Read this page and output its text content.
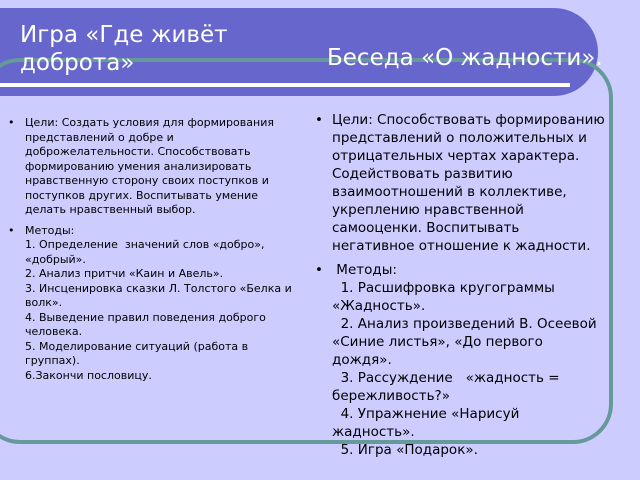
Игра «Где живёт доброта»	Беседа «О жадности».
• Цели: Создать условия для формирования представлений о добре и доброжелательности. Способствовать формированию умения анализировать нравственную сторону своих поступков и поступков других. Воспитывать умение делать нравственный выбор.
• Методы:
1. Определение  значений слов «добро», «добрый».
2. Анализ притчи «Каин и Авель».
3. Инсценировка сказки Л. Толстого «Белка и волк».
4. Выведение правил поведения доброго человека.
5. Моделирование ситуаций (работа в группах).
6.Закончи пословицу.
• Цели: Способствовать формированию представлений о положительных и отрицательных чертах характера. Содействовать развитию взаимоотношений в коллективе, укреплению нравственной самооценки. Воспитывать негативное отношение к жадности.
• Методы:
1. Расшифровка кругограммы «Жадность».
2. Анализ произведений В. Осеевой «Синие листья», «До первого дождя».
3. Рассуждение   «жадность = бережливость?»
4. Упражнение «Нарисуй жадность».
5. Игра «Подарок».
